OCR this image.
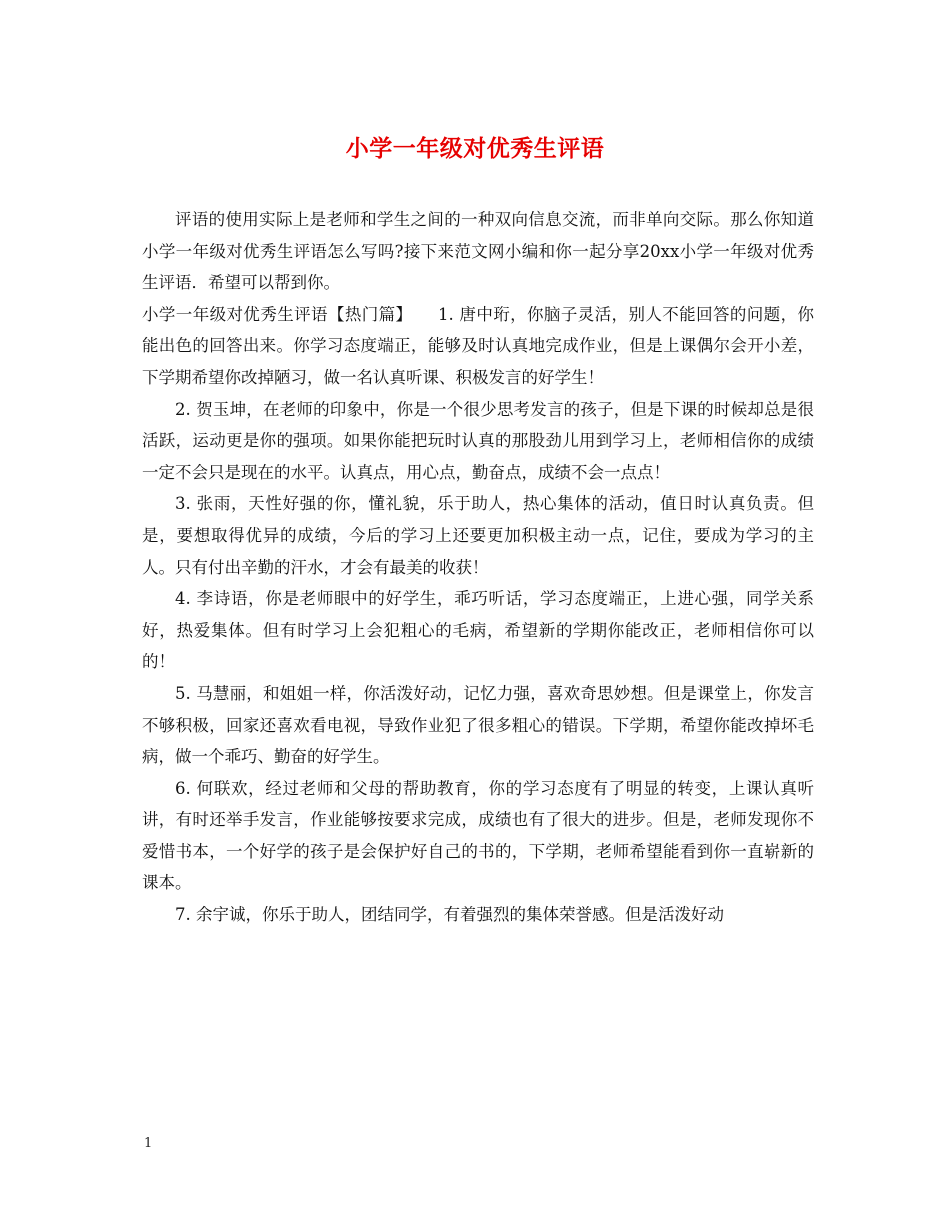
小学一年级对优秀生评语

评语的使用实际上是老师和学生之间的一种双向信息交流，而非单向交际。那么你知道小学一年级对优秀生评语怎么写吗?接下来范文网小编和你一起分享20xx小学一年级对优秀生评语．希望可以帮到你。

小学一年级对优秀生评语【热门篇】　　1. 唐中珩，你脑子灵活，别人不能回答的问题，你能出色的回答出来。你学习态度端正，能够及时认真地完成作业，但是上课偶尔会开小差，下学期希望你改掉陋习，做一名认真听课、积极发言的好学生！

2. 贺玉坤，在老师的印象中，你是一个很少思考发言的孩子，但是下课的时候却总是很活跃，运动更是你的强项。如果你能把玩时认真的那股劲儿用到学习上，老师相信你的成绩一定不会只是现在的水平。认真点，用心点，勤奋点，成绩不会一点点！

3. 张雨，天性好强的你，懂礼貌，乐于助人，热心集体的活动，值日时认真负责。但是，要想取得优异的成绩，今后的学习上还要更加积极主动一点，记住，要成为学习的主人。只有付出辛勤的汗水，才会有最美的收获！

4. 李诗语，你是老师眼中的好学生，乖巧听话，学习态度端正，上进心强，同学关系好，热爱集体。但有时学习上会犯粗心的毛病，希望新的学期你能改正，老师相信你可以的！

5. 马慧丽，和姐姐一样，你活泼好动，记忆力强，喜欢奇思妙想。但是课堂上，你发言不够积极，回家还喜欢看电视，导致作业犯了很多粗心的错误。下学期，希望你能改掉坏毛病，做一个乖巧、勤奋的好学生。

6. 何联欢，经过老师和父母的帮助教育，你的学习态度有了明显的转变，上课认真听讲，有时还举手发言，作业能够按要求完成，成绩也有了很大的进步。但是，老师发现你不爱惜书本，一个好学的孩子是会保护好自己的书的，下学期，老师希望能看到你一直崭新的课本。

7. 余宇诚，你乐于助人，团结同学，有着强烈的集体荣誉感。但是活泼好动

1
